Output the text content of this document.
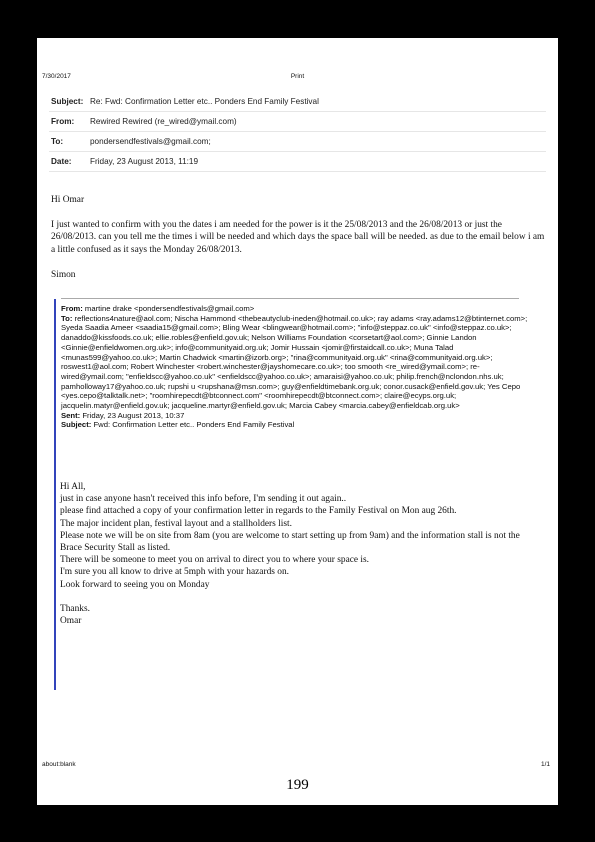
7/30/2017	Print
Subject:	Re: Fwd: Confirmation Letter etc.. Ponders End Family Festival
From:	Rewired Rewired (re_wired@ymail.com)
To:	pondersendfestivals@gmail.com;
Date:	Friday, 23 August 2013, 11:19

Hi Omar

I just wanted to confirm with you the dates i am needed for the power is it the 25/08/2013 and the 26/08/2013 or just the 26/08/2013. can you tell me the times i will be needed and which days the space ball will be needed. as due to the email below i am a little confused as it says the Monday 26/08/2013.

Simon

From: martine drake <pondersendfestivals@gmail.com>
To: reflections4nature@aol.com; Nischa Hammond <thebeautyclub-ineden@hotmail.co.uk>; ray adams <ray.adams12@btinternet.com>; Syeda Saadia Ameer <saadia15@gmail.com>; Bling Wear <blingwear@hotmail.com>; "info@steppaz.co.uk" <info@steppaz.co.uk>; danaddo@kissfoods.co.uk; ellie.robles@enfield.gov.uk; Nelson Williams Foundation <corsetart@aol.com>; Ginnie Landon <Ginnie@enfieldwomen.org.uk>; info@communityaid.org.uk; Jomir Hussain <jomir@firstaidcall.co.uk>; Muna Talad <munas599@yahoo.co.uk>; Martin Chadwick <martin@izorb.org>; "rina@communityaid.org.uk" <rina@communityaid.org.uk>; roswest1@aol.com; Robert Winchester <robert.winchester@jayshomecare.co.uk>; too smooth <re_wired@ymail.com>; re-wired@ymail.com; "enfieldscc@yahoo.co.uk" <enfieldscc@yahoo.co.uk>; amaraisi@yahoo.co.uk; philip.french@nclondon.nhs.uk; pamholloway17@yahoo.co.uk; rupshi u <rupshana@msn.com>; guy@enfieldtimebank.org.uk; conor.cusack@enfield.gov.uk; Yes Cepo <yes.cepo@talktalk.net>; "roomhirepecdt@btconnect.com" <roomhirepecdt@btconnect.com>; claire@ecyps.org.uk; jacquelin.matyr@enfield.gov.uk; jacqueline.martyr@enfield.gov.uk; Marcia Cabey <marcia.cabey@enfieldcab.org.uk>
Sent: Friday, 23 August 2013, 10:37
Subject: Fwd: Confirmation Letter etc.. Ponders End Family Festival
Hi All,
just in case anyone hasn't received this info before, I'm sending it out again..
please find attached a copy of your confirmation letter in regards to the Family Festival on Mon aug 26th.
The major incident plan, festival layout and a stallholders list.
Please note we will be on site from 8am (you are welcome to start setting up from 9am) and the information stall is not the Brace Security Stall as listed.
There will be someone to meet you on arrival to direct you to where your space is.
I'm sure you all know to drive at 5mph with your hazards on.
Look forward to seeing you on Monday
Thanks.
Omar
about:blank	1/1
199
